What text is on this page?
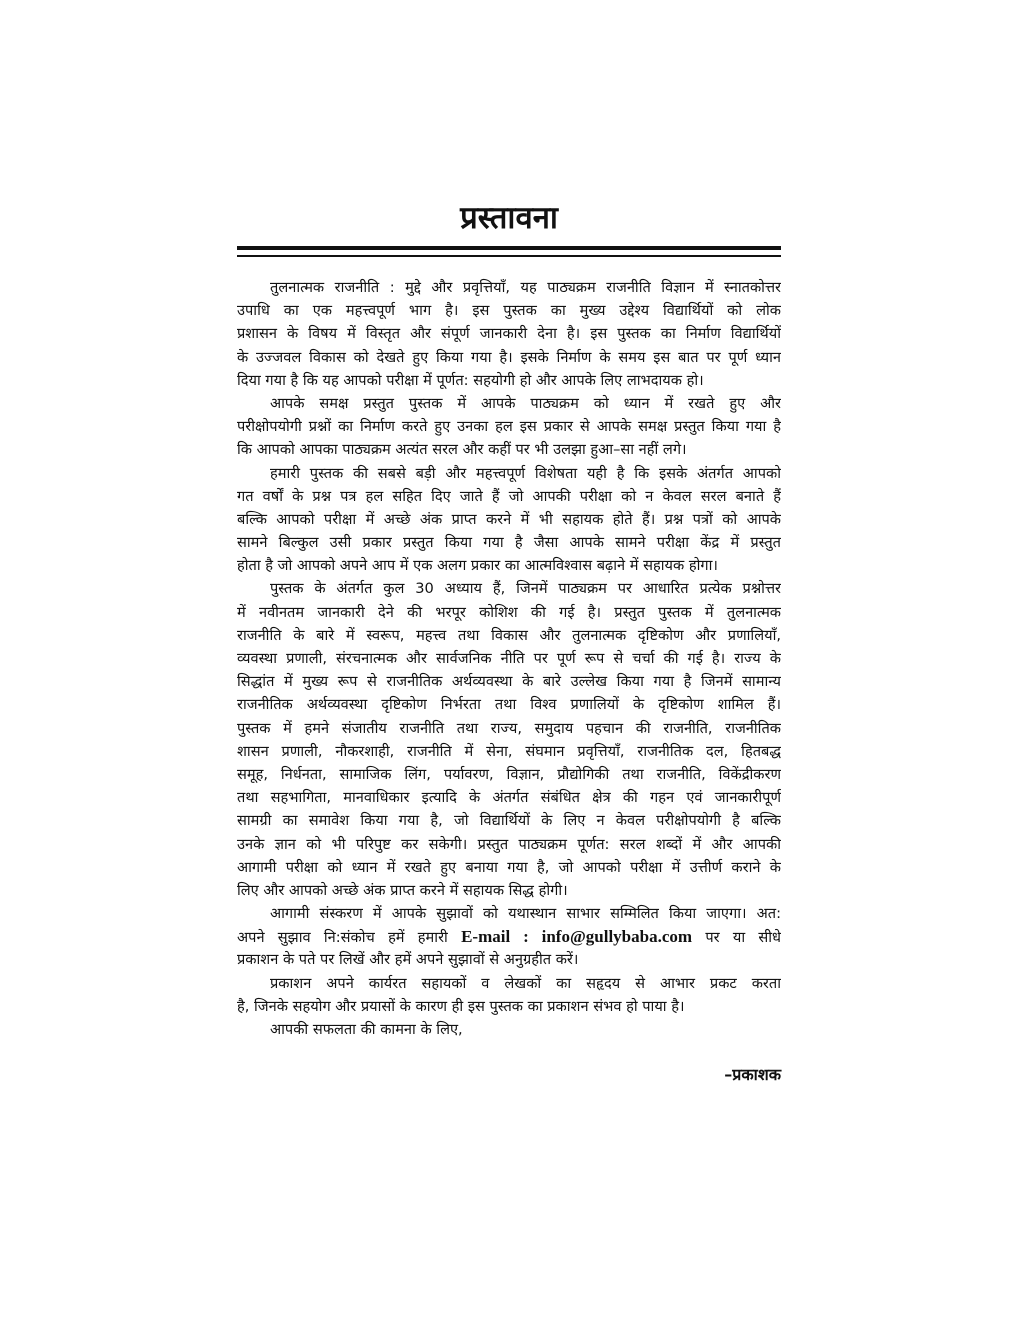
प्रस्तावना
तुलनात्मक राजनीति : मुद्दे और प्रवृत्तियाँ, यह पाठ्यक्रम राजनीति विज्ञान में स्नातकोत्तर
उपाधि का एक महत्त्वपूर्ण भाग है। इस पुस्तक का मुख्य उद्देश्य विद्यार्थियों को लोक
प्रशासन के विषय में विस्तृत और संपूर्ण जानकारी देना है। इस पुस्तक का निर्माण विद्यार्थियों
के उज्जवल विकास को देखते हुए किया गया है। इसके निर्माण के समय इस बात पर पूर्ण ध्यान
दिया गया है कि यह आपको परीक्षा में पूर्णत: सहयोगी हो और आपके लिए लाभदायक हो।
आपके समक्ष प्रस्तुत पुस्तक में आपके पाठ्यक्रम को ध्यान में रखते हुए और
परीक्षोपयोगी प्रश्नों का निर्माण करते हुए उनका हल इस प्रकार से आपके समक्ष प्रस्तुत किया गया है
कि आपको आपका पाठ्यक्रम अत्यंत सरल और कहीं पर भी उलझा हुआ–सा नहीं लगे।
हमारी पुस्तक की सबसे बड़ी और महत्त्वपूर्ण विशेषता यही है कि इसके अंतर्गत आपको
गत वर्षों के प्रश्न पत्र हल सहित दिए जाते हैं जो आपकी परीक्षा को न केवल सरल बनाते हैं
बल्कि आपको परीक्षा में अच्छे अंक प्राप्त करने में भी सहायक होते हैं। प्रश्न पत्रों को आपके
सामने बिल्कुल उसी प्रकार प्रस्तुत किया गया है जैसा आपके सामने परीक्षा केंद्र में प्रस्तुत
होता है जो आपको अपने आप में एक अलग प्रकार का आत्मविश्वास बढ़ाने में सहायक होगा।
पुस्तक के अंतर्गत कुल 30 अध्याय हैं, जिनमें पाठ्यक्रम पर आधारित प्रत्येक प्रश्नोत्तर
में नवीनतम जानकारी देने की भरपूर कोशिश की गई है। प्रस्तुत पुस्तक में तुलनात्मक
राजनीति के बारे में स्वरूप, महत्त्व तथा विकास और तुलनात्मक दृष्टिकोण और प्रणालियाँ,
व्यवस्था प्रणाली, संरचनात्मक और सार्वजनिक नीति पर पूर्ण रूप से चर्चा की गई है। राज्य के
सिद्धांत में मुख्य रूप से राजनीतिक अर्थव्यवस्था के बारे उल्लेख किया गया है जिनमें सामान्य
राजनीतिक अर्थव्यवस्था दृष्टिकोण निर्भरता तथा विश्व प्रणालियों के दृष्टिकोण शामिल हैं।
पुस्तक में हमने संजातीय राजनीति तथा राज्य, समुदाय पहचान की राजनीति, राजनीतिक
शासन प्रणाली, नौकरशाही, राजनीति में सेना, संघमान प्रवृत्तियाँ, राजनीतिक दल, हितबद्ध
समूह, निर्धनता, सामाजिक लिंग, पर्यावरण, विज्ञान, प्रौद्योगिकी तथा राजनीति, विकेंद्रीकरण
तथा सहभागिता, मानवाधिकार इत्यादि के अंतर्गत संबंधित क्षेत्र की गहन एवं जानकारीपूर्ण
सामग्री का समावेश किया गया है, जो विद्यार्थियों के लिए न केवल परीक्षोपयोगी है बल्कि
उनके ज्ञान को भी परिपुष्ट कर सकेगी। प्रस्तुत पाठ्यक्रम पूर्णत: सरल शब्दों में और आपकी
आगामी परीक्षा को ध्यान में रखते हुए बनाया गया है, जो आपको परीक्षा में उत्तीर्ण कराने के
लिए और आपको अच्छे अंक प्राप्त करने में सहायक सिद्ध होगी।
आगामी संस्करण में आपके सुझावों को यथास्थान साभार सम्मिलित किया जाएगा। अत:
अपने सुझाव नि:संकोच हमें हमारी E-mail : info@gullybaba.com पर या सीधे
प्रकाशन के पते पर लिखें और हमें अपने सुझावों से अनुग्रहीत करें।
प्रकाशन अपने कार्यरत सहायकों व लेखकों का सहृदय से आभार प्रकट करता
है, जिनके सहयोग और प्रयासों के कारण ही इस पुस्तक का प्रकाशन संभव हो पाया है।
आपकी सफलता की कामना के लिए,
–प्रकाशक
